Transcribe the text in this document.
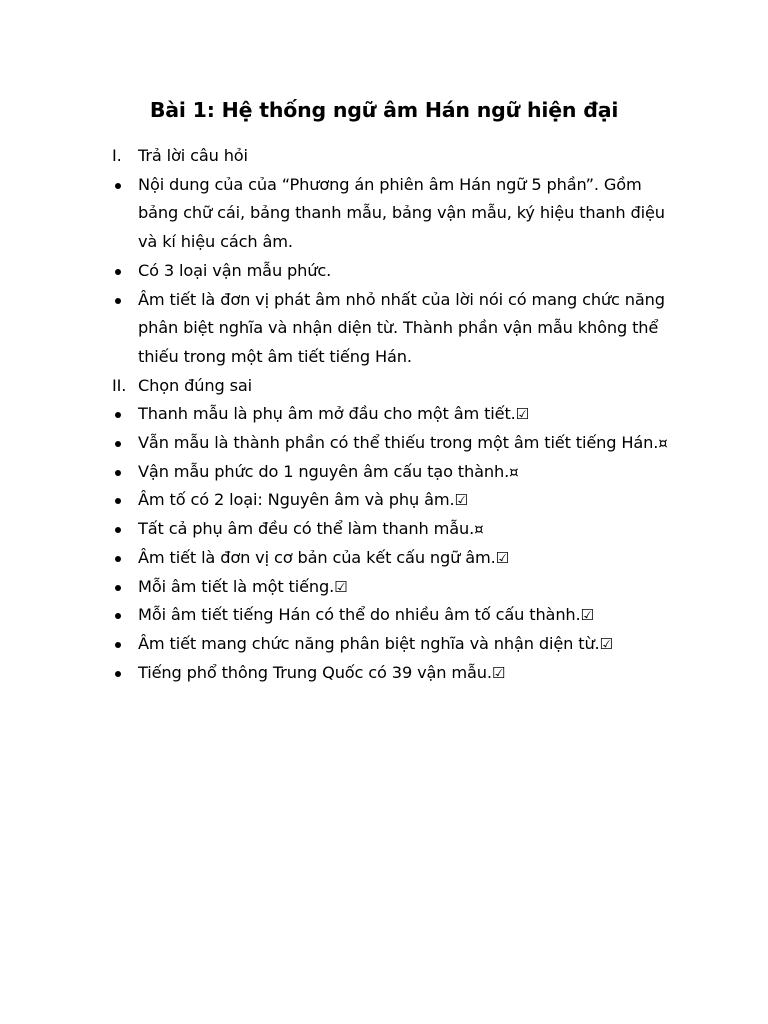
Bài 1: Hệ thống ngữ âm Hán ngữ hiện đại
I.	Trả lời câu hỏi
Nội dung của của “Phương án phiên âm Hán ngữ 5 phần”. Gồm bảng chữ cái, bảng thanh mẫu, bảng vận mẫu, ký hiệu thanh điệu và kí hiệu cách âm.
Có 3 loại vận mẫu phức.
Âm tiết là đơn vị phát âm nhỏ nhất của lời nói có mang chức năng phân biệt nghĩa và nhận diện từ. Thành phần vận mẫu không thể thiếu trong một âm tiết tiếng Hán.
II. Chọn đúng sai
Thanh mẫu là phụ âm mở đầu cho một âm tiết.☑
Vẫn mẫu là thành phần có thể thiếu trong một âm tiết tiếng Hán.¤
Vận mẫu phức do 1 nguyên âm cấu tạo thành.¤
Âm tố có 2 loại: Nguyên âm và phụ âm.☑
Tất cả phụ âm đều có thể làm thanh mẫu.¤
Âm tiết là đơn vị cơ bản của kết cấu ngữ âm.☑
Mỗi âm tiết là một tiếng.☑
Mỗi âm tiết tiếng Hán có thể do nhiều âm tố cấu thành.☑
Âm tiết mang chức năng phân biệt nghĩa và nhận diện từ.☑
Tiếng phổ thông Trung Quốc có 39 vận mẫu.☑
